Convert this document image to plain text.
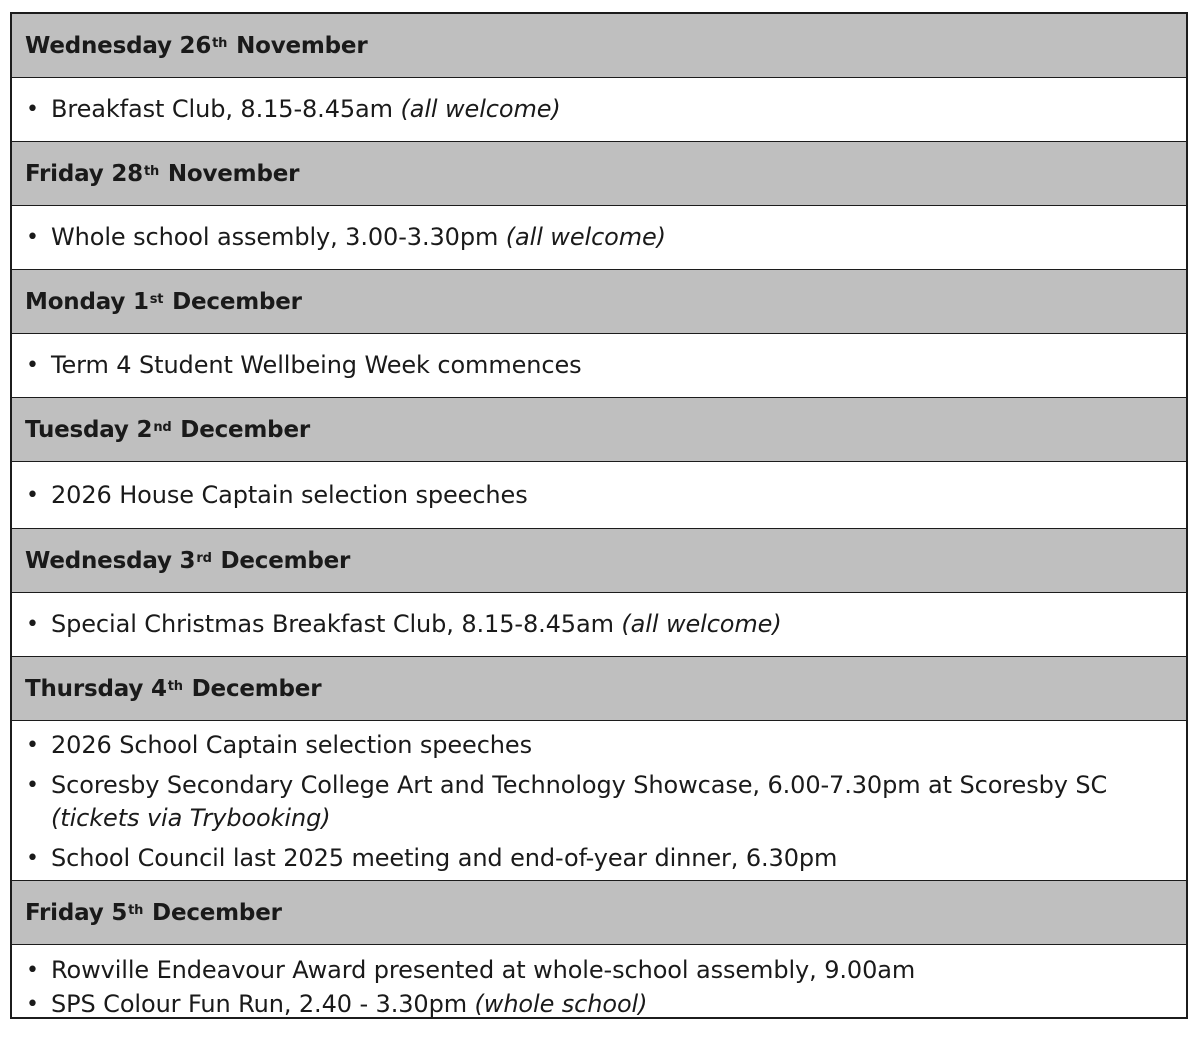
Wednesday 26th
November
• Breakfast Club, 8.15-8.45am (all welcome)
Friday 28th
November
• Whole school assembly, 3.00-3.30pm (all welcome)
Monday 1st
December
• Term 4 Student Wellbeing Week commences
Tuesday 2nd
December
• 2026 House Captain selection speeches
Wednesday 3rd
December
• Special Christmas Breakfast Club, 8.15-8.45am (all welcome)
Thursday 4th
December
• 2026 School Captain selection speeches
• Scoresby Secondary College Art and Technology Showcase, 6.00-7.30pm at Scoresby SC (tickets via Trybooking)
• School Council last 2025 meeting and end-of-year dinner, 6.30pm
Friday 5th
December
• Rowville Endeavour Award presented at whole-school assembly, 9.00am
• SPS Colour Fun Run, 2.40 - 3.30pm (whole school)
